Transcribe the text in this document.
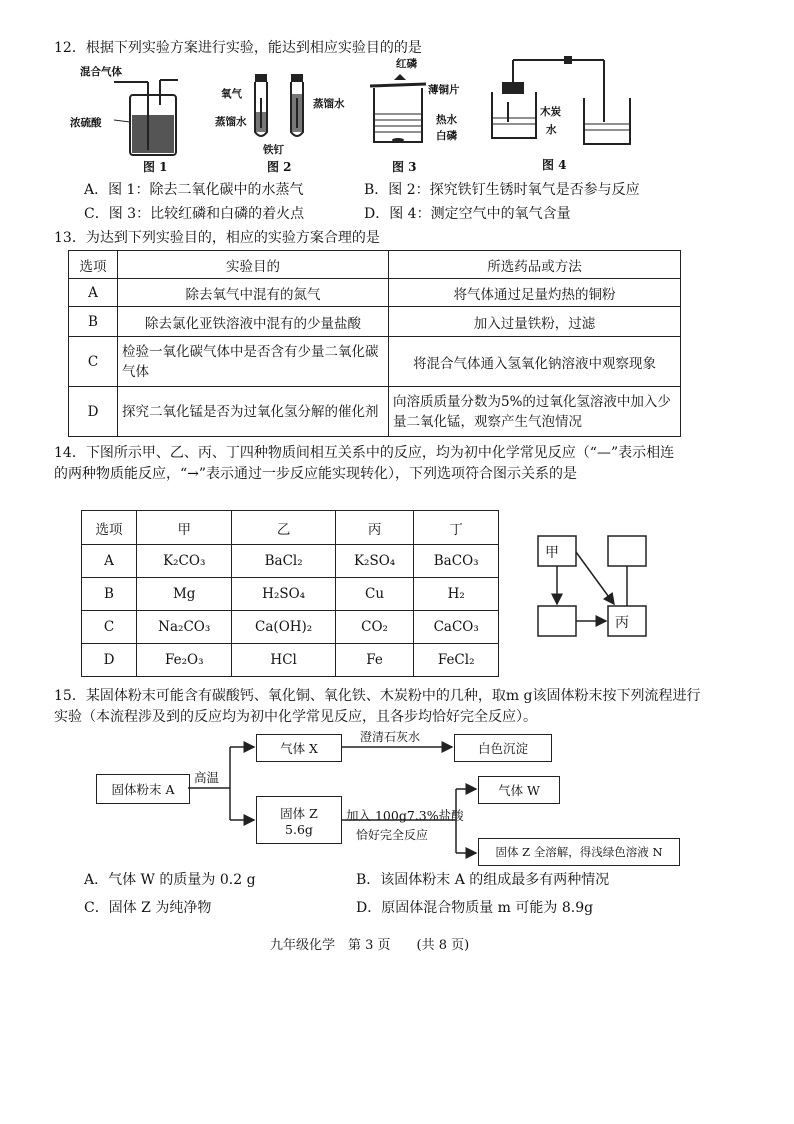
12．根据下列实验方案进行实验，能达到相应实验目的的是
混合气体
浓硫酸
图 1
氧气
蒸馏水
蒸馏水
铁钉
图 2
红磷
薄铜片
热水
白磷
图 3
木炭
水
图 4
A．图 1：除去二氧化碳中的水蒸气	B．图 2：探究铁钉生锈时氧气是否参与反应
C．图 3：比较红磷和白磷的着火点	D．图 4：测定空气中的氧气含量
13．为达到下列实验目的，相应的实验方案合理的是
选项	实验目的	所选药品或方法
A	除去氧气中混有的氮气	将气体通过足量灼热的铜粉
B	除去氯化亚铁溶液中混有的少量盐酸	加入过量铁粉，过滤
C	检验一氧化碳气体中是否含有少量二氧化碳气体	将混合气体通入氢氧化钠溶液中观察现象
D	探究二氧化锰是否为过氧化氢分解的催化剂	向溶质质量分数为5%的过氧化氢溶液中加入少量二氧化锰，观察产生气泡情况
14．下图所示甲、乙、丙、丁四种物质间相互关系中的反应，均为初中化学常见反应（“—”表示相连的两种物质能反应，“→”表示通过一步反应能实现转化），下列选项符合图示关系的是
选项	甲	乙	丙	丁
A	K₂CO₃	BaCl₂	K₂SO₄	BaCO₃
B	Mg	H₂SO₄	Cu	H₂
C	Na₂CO₃	Ca(OH)₂	CO₂	CaCO₃
D	Fe₂O₃	HCl	Fe	FeCl₂
甲
丙
15．某固体粉末可能含有碳酸钙、氧化铜、氧化铁、木炭粉中的几种，取m g该固体粉末按下列流程进行实验（本流程涉及到的反应均为初中化学常见反应，且各步均恰好完全反应）。
固体粉末 A
气体 X	白色沉淀
固体 Z
5.6g
气体 W
固体 Z 全溶解，得浅绿色溶液 N
高温
澄清石灰水
加入 100g7.3%盐酸
恰好完全反应
A．气体 W 的质量为 0.2 g	B．该固体粉末 A 的组成最多有两种情况
C．固体 Z 为纯净物	D．原固体混合物质量 m 可能为 8.9g
九年级化学　第 3 页　　(共 8 页)
